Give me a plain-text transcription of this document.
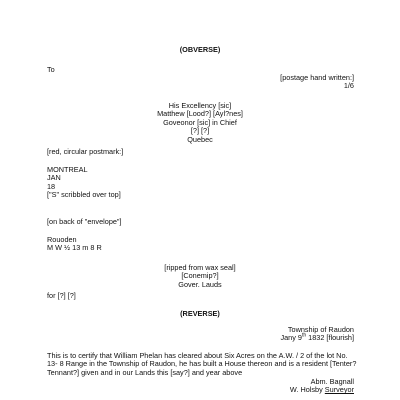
(OBVERSE)
To
[postage hand written:]
1/6
His Excellency [sic]
Matthew [Lood?] [Ayl?nes]
Goveonor [sic] in Chief
[?] [?]
Quebec
[red, circular postmark:]
MONTREAL
JAN
18
["S" scribbled over top]
[on back of "envelope"]
Rouoden
M W ½ 13 m 8 R
[ripped from wax seal]
[Conemip?]
Gover. Lauds
for [?] [?]
(REVERSE)
Township of Raudon
Jany 9th 1832 [flourish]
This is to certify that William Phelan has cleared about Six Acres on the A.W. / 2 of the lot No. 13- 8 Range in the Township of Raudon, he has built a House thereon and is a resident [Tenter? Tennant?] given and in our Lands this [say?] and year above
Abm. Bagnall
W. Holsby Surveyor
